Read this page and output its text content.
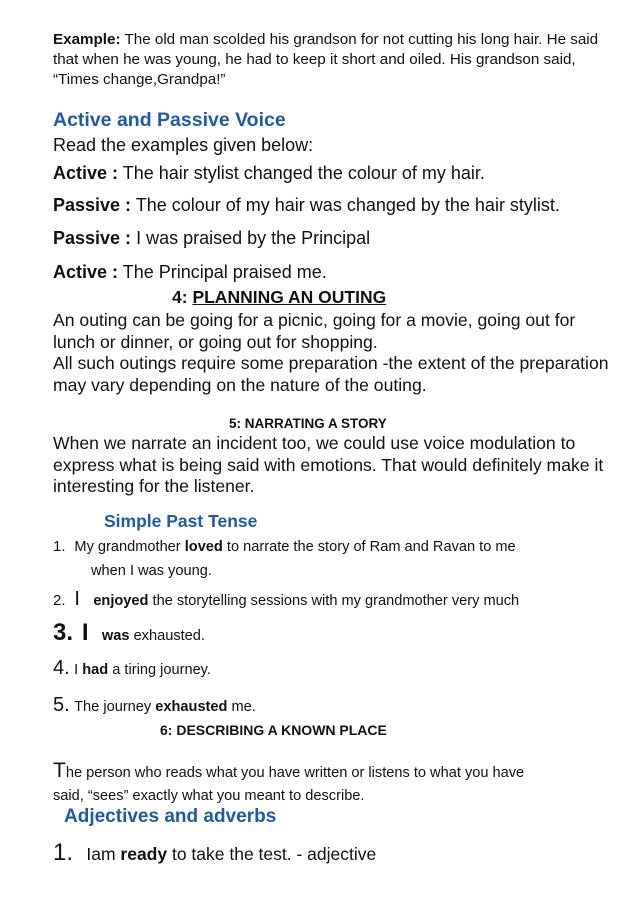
Example: The old man scolded his grandson for not cutting his long hair. He said that when he was young, he had to keep it short and oiled. His grandson said, “Times change,Grandpa!”

Active and Passive Voice
Read the examples given below:
Active : The hair stylist changed the colour of my hair.
Passive : The colour of my hair was changed by the hair stylist.
Passive : I was praised by the Principal
Active : The Principal praised me.
4: PLANNING AN OUTING

An outing can be going for a picnic, going for a movie, going out for lunch or dinner, or going out for shopping.

All such outings require some preparation -the extent of the preparation may vary depending on the nature of the outing.

5: NARRATING A STORY

When we narrate an incident too, we could use voice modulation to express what is being said with emotions. That would definitely make it interesting for the listener.

Simple Past Tense
1. My grandmother loved to narrate the story of Ram and Ravan to me
when I was young.
2. I enjoyed the storytelling sessions with my grandmother very much
3. I was exhausted.
4. I had a tiring journey.
5. The journey exhausted me.
6: DESCRIBING A KNOWN PLACE
The person who reads what you have written or listens to what you have
said, “sees” exactly what you meant to describe.
Adjectives and adverbs
1. Iam ready to take the test. - adjective
